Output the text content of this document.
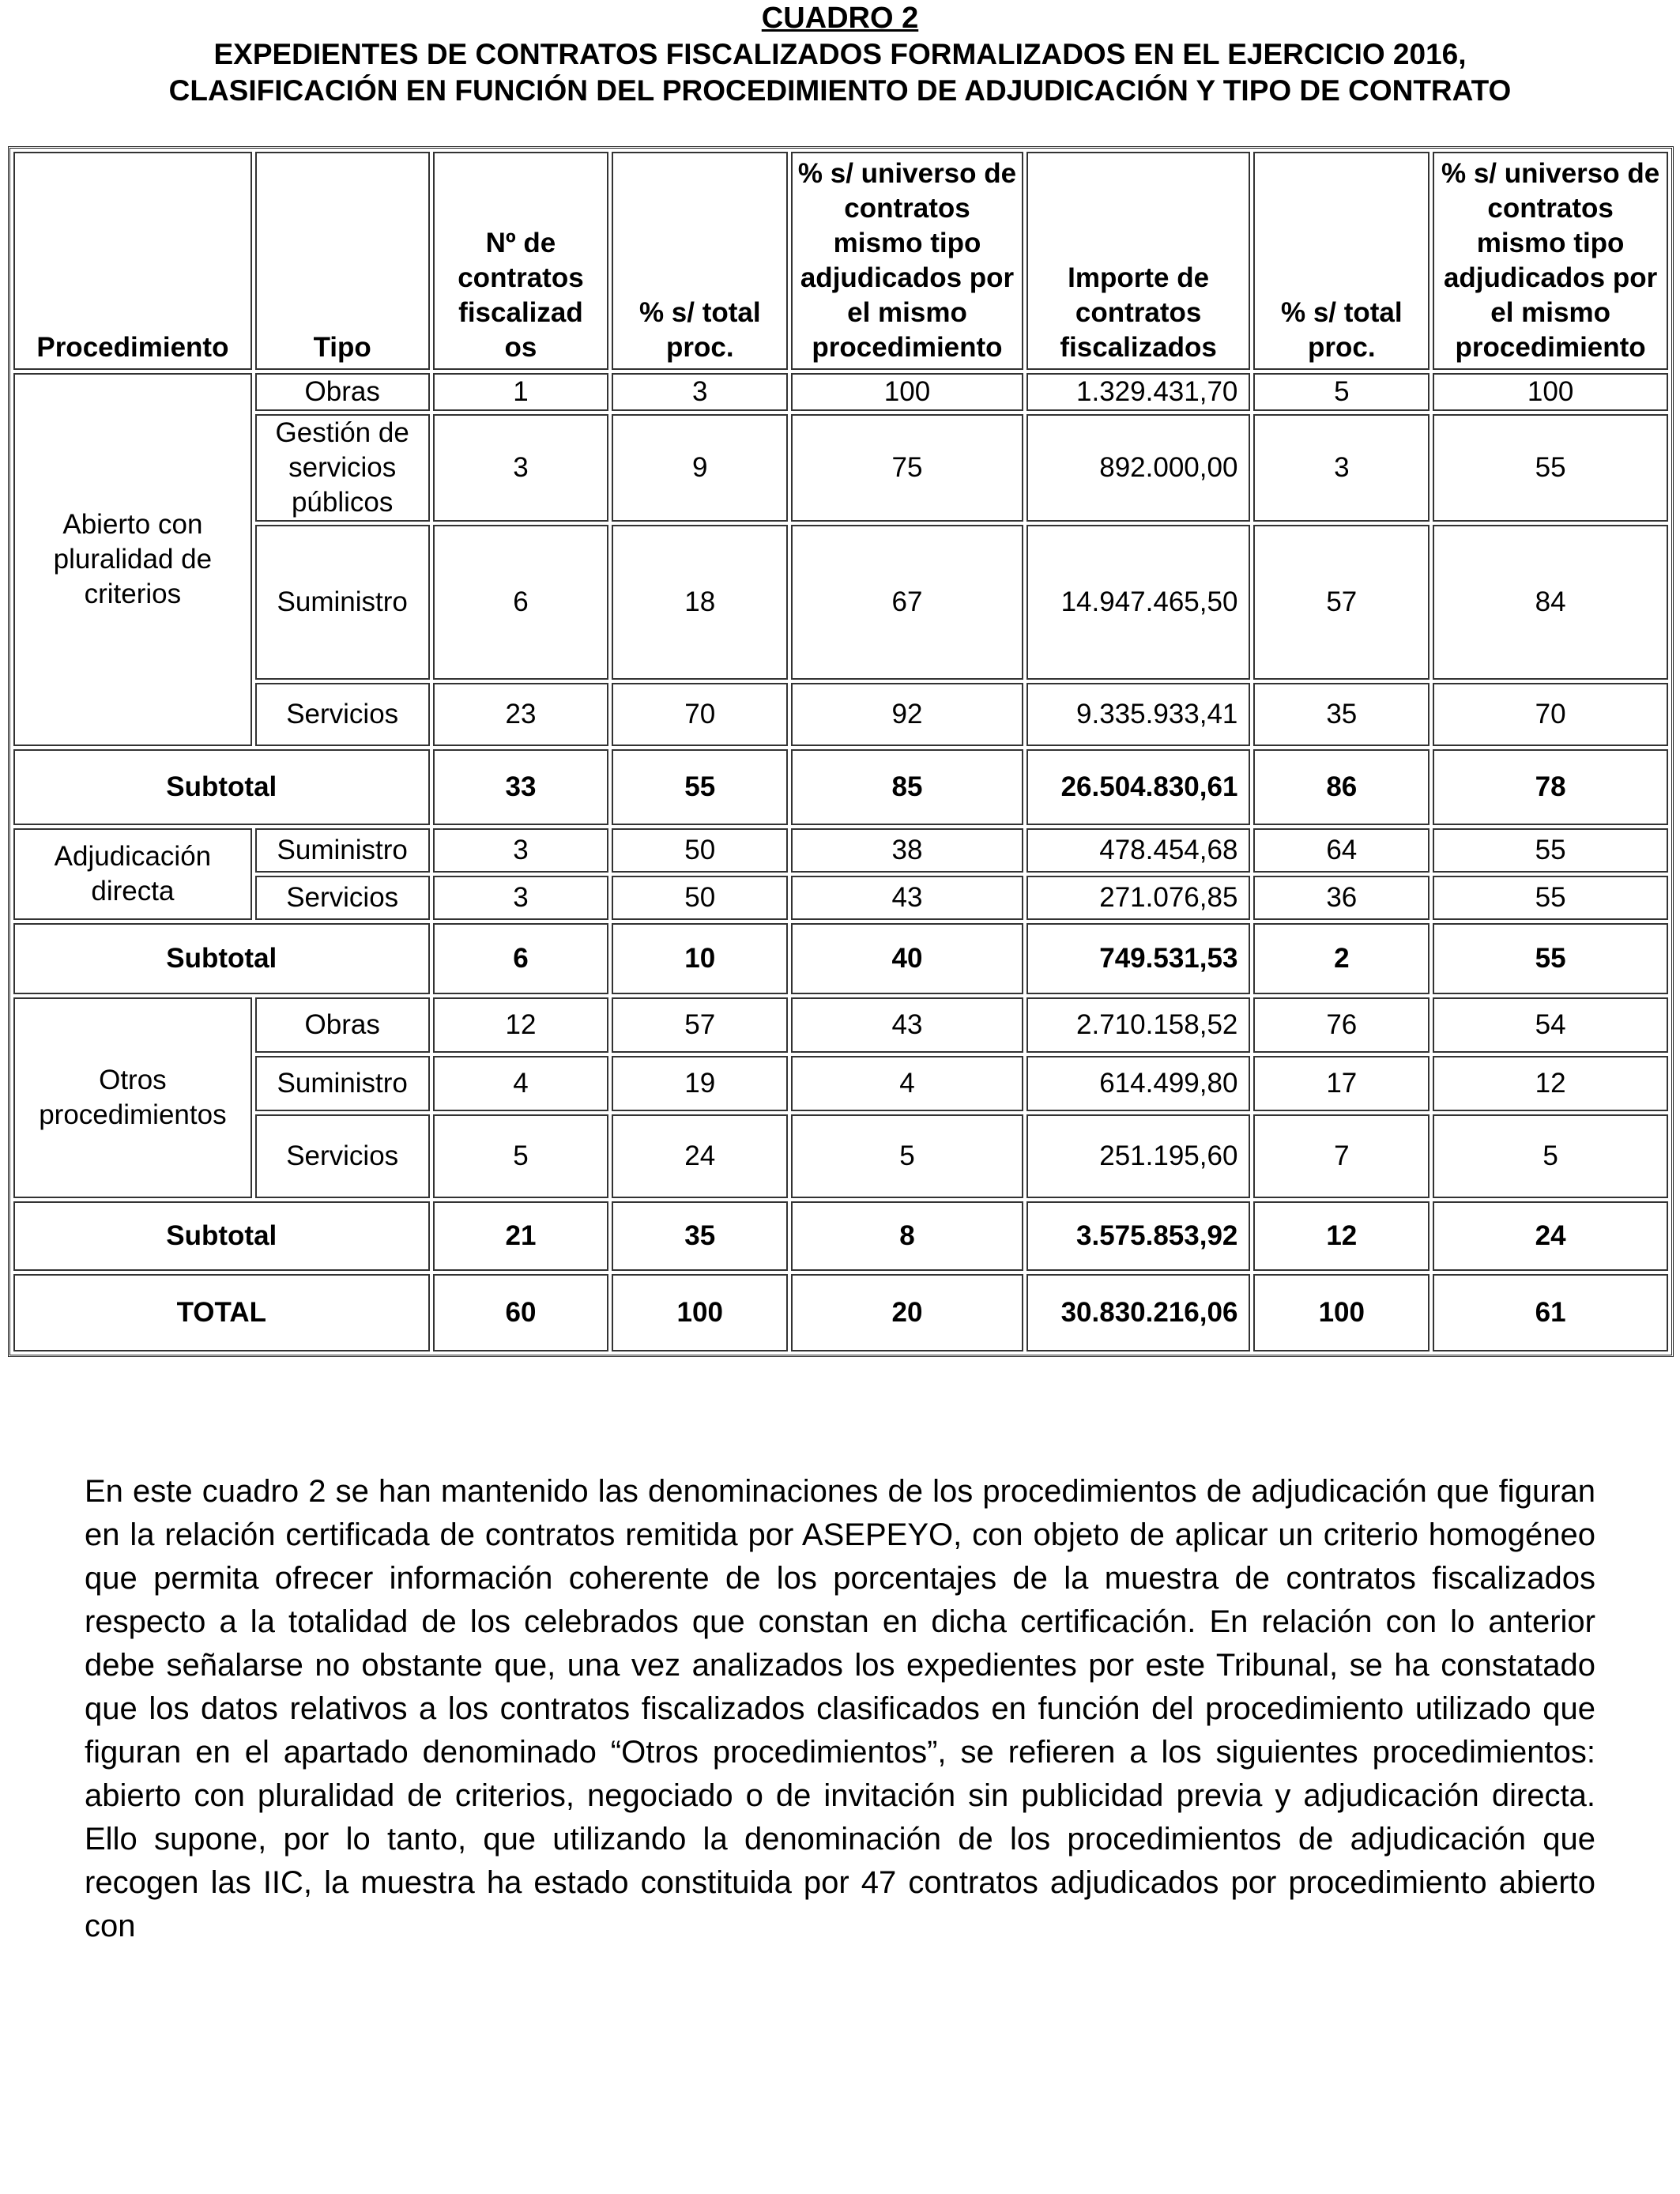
CUADRO 2
EXPEDIENTES DE CONTRATOS FISCALIZADOS FORMALIZADOS EN EL EJERCICIO 2016,
CLASIFICACIÓN EN FUNCIÓN DEL PROCEDIMIENTO DE ADJUDICACIÓN Y TIPO DE CONTRATO
Procedimiento	Tipo	Nº de contratos fiscalizad os	% s/ total proc.	% s/ universo de contratos mismo tipo adjudicados por el mismo procedimiento	Importe de contratos fiscalizados	% s/ total proc.	% s/ universo de contratos mismo tipo adjudicados por el mismo procedimiento
Abierto con pluralidad de criterios	Obras	1	3	100	1.329.431,70	5	100
	Gestión de servicios públicos	3	9	75	892.000,00	3	55
	Suministro	6	18	67	14.947.465,50	57	84
	Servicios	23	70	92	9.335.933,41	35	70
Subtotal		33	55	85	26.504.830,61	86	78
Adjudicación directa	Suministro	3	50	38	478.454,68	64	55
	Servicios	3	50	43	271.076,85	36	55
Subtotal		6	10	40	749.531,53	2	55
Otros procedimientos	Obras	12	57	43	2.710.158,52	76	54
	Suministro	4	19	4	614.499,80	17	12
	Servicios	5	24	5	251.195,60	7	5
Subtotal		21	35	8	3.575.853,92	12	24
TOTAL		60	100	20	30.830.216,06	100	61

En este cuadro 2 se han mantenido las denominaciones de los procedimientos de adjudicación que figuran en la relación certificada de contratos remitida por ASEPEYO, con objeto de aplicar un criterio homogéneo que permita ofrecer información coherente de los porcentajes de la muestra de contratos fiscalizados respecto a la totalidad de los celebrados que constan en dicha certificación. En relación con lo anterior debe señalarse no obstante que, una vez analizados los expedientes por este Tribunal, se ha constatado que los datos relativos a los contratos fiscalizados clasificados en función del procedimiento utilizado que figuran en el apartado denominado “Otros procedimientos”, se refieren a los siguientes procedimientos: abierto con pluralidad de criterios, negociado o de invitación sin publicidad previa y adjudicación directa. Ello supone, por lo tanto, que utilizando la denominación de los procedimientos de adjudicación que recogen las IIC, la muestra ha estado constituida por 47 contratos adjudicados por procedimiento abierto con
